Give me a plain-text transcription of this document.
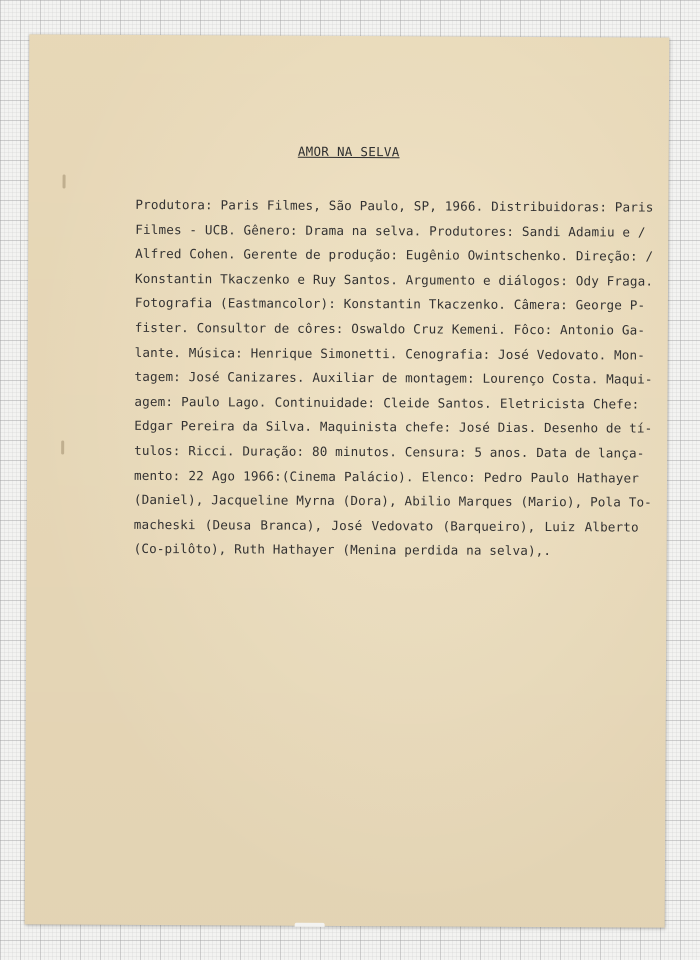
AMOR NA SELVA
Produtora: Paris Filmes, São Paulo, SP, 1966. Distribuidoras: Paris
Filmes - UCB. Gênero: Drama na selva. Produtores: Sandi Adamiu e /
Alfred Cohen. Gerente de produção: Eugênio Owintschenko. Direção: /
Konstantin Tkaczenko e Ruy Santos. Argumento e diálogos: Ody Fraga.
Fotografia (Eastmancolor): Konstantin Tkaczenko. Câmera: George P-
fister. Consultor de côres: Oswaldo Cruz Kemeni. Fôco: Antonio Ga-
lante. Música: Henrique Simonetti. Cenografia: José Vedovato. Mon-
tagem: José Canizares. Auxiliar de montagem: Lourenço Costa. Maqui-
agem: Paulo Lago. Continuidade: Cleide Santos. Eletricista Chefe:
Edgar Pereira da Silva. Maquinista chefe: José Dias. Desenho de tí-
tulos: Ricci. Duração: 80 minutos. Censura: 5 anos. Data de lança-
mento: 22 Ago 1966:(Cinema Palácio). Elenco: Pedro Paulo Hathayer
(Daniel), Jacqueline Myrna (Dora), Abilio Marques (Mario), Pola To-
macheski (Deusa Branca), José Vedovato (Barqueiro), Luiz Alberto
(Co-pilôto), Ruth Hathayer (Menina perdida na selva),.
